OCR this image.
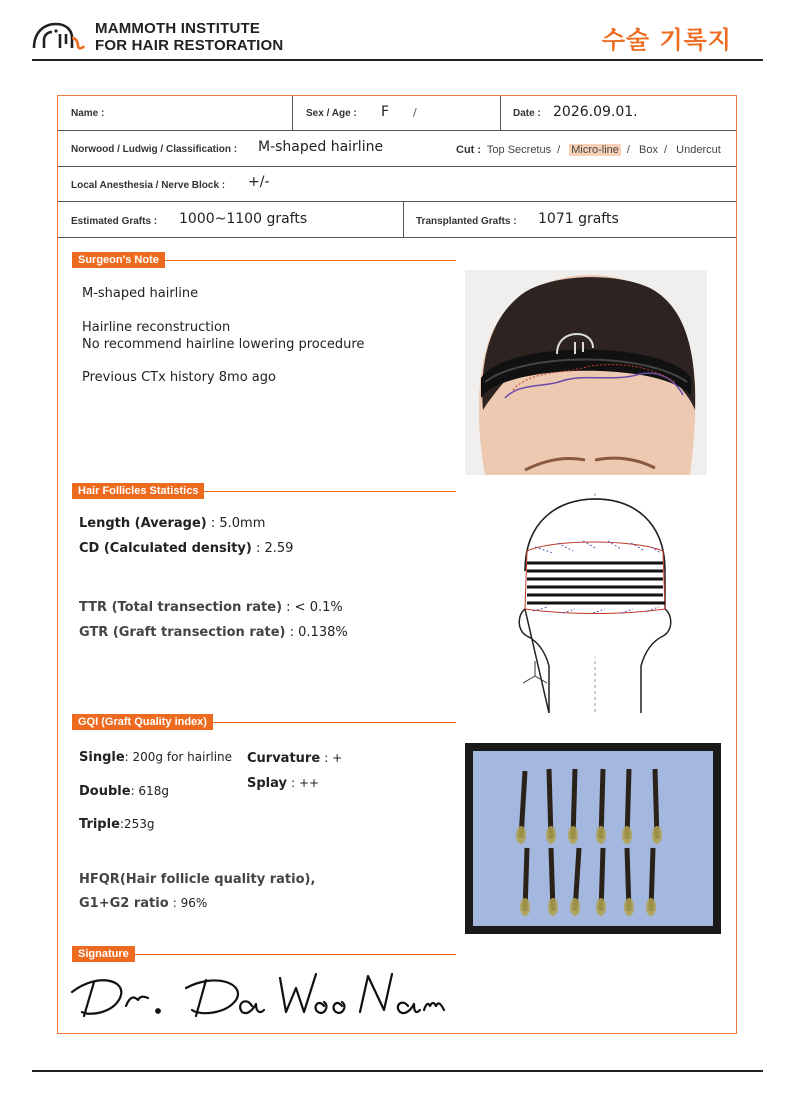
MAMMOTH INSTITUTE
FOR HAIR RESTORATION	수술 기록지
Name :	Sex / Age : F /	Date : 2026.09.01.
Norwood / Ludwig / Classification : M-shaped hairline	Cut : Top Secretus / Micro-line / Box / Undercut
Local Anesthesia / Nerve Block : +/-
Estimated Grafts : 1000~1100 grafts	Transplanted Grafts : 1071 grafts
Surgeon's Note
M-shaped hairline
Hairline reconstruction
No recommend hairline lowering procedure
Previous CTx history 8mo ago
Hair Follicles Statistics
Length (Average) : 5.0mm
CD (Calculated density) : 2.59
TTR (Total transection rate) : < 0.1%
GTR (Graft transection rate) : 0.138%
GQI (Graft Quality index)
Single: 200g for hairline Curvature : +
Splay : ++
Double: 618g
Triple:253g
HFQR(Hair follicle quality ratio),
G1+G2 ratio : 96%
Signature
